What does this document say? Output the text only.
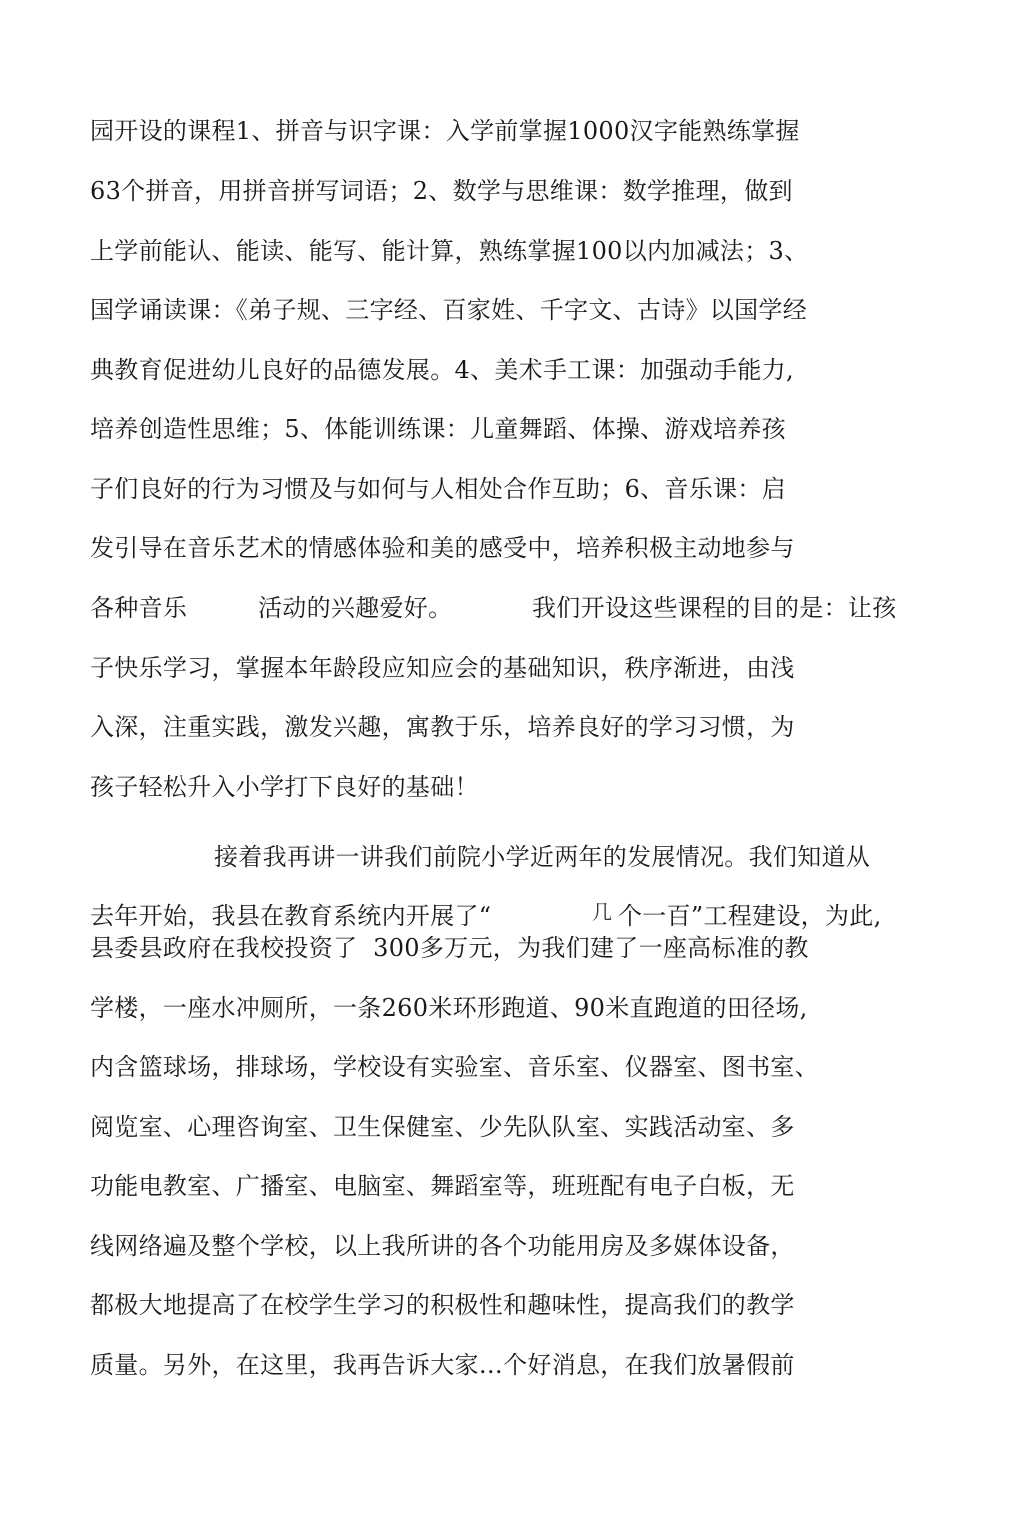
园开设的课程1、拼音与识字课：入学前掌握1000汉字能熟练掌握
63个拼音，用拼音拼写词语；2、数学与思维课：数学推理，做到
上学前能认、能读、能写、能计算，熟练掌握100以内加减法；3、
国学诵读课：《弟子规、三字经、百家姓、千字文、古诗》以国学经
典教育促进幼儿良好的品德发展。4、美术手工课：加强动手能力,
培养创造性思维；5、体能训练课：儿童舞蹈、体操、游戏培养孩
子们良好的行为习惯及与如何与人相处合作互助；6、音乐课：启
发引导在音乐艺术的情感体验和美的感受中，培养积极主动地参与
各种音乐	活动的兴趣爱好。	我们开设这些课程的目的是：让孩
子快乐学习，掌握本年龄段应知应会的基础知识，秩序渐进，由浅
入深，注重实践，激发兴趣，寓教于乐，培养良好的学习习惯，为
孩子轻松升入小学打下良好的基础！
接着我再讲一讲我们前院小学近两年的发展情况。我们知道从
去年开始，我县在教育系统内开展了“	几 个一百”工程建设，为此,
县委县政府在我校投资了  300多万元，为我们建了一座高标准的教
学楼，一座水冲厕所，一条260米环形跑道、90米直跑道的田径场,
内含篮球场，排球场，学校设有实验室、音乐室、仪器室、图书室、
阅览室、心理咨询室、卫生保健室、少先队队室、实践活动室、多
功能电教室、广播室、电脑室、舞蹈室等，班班配有电子白板，无
线网络遍及整个学校，以上我所讲的各个功能用房及多媒体设备，
都极大地提高了在校学生学习的积极性和趣味性，提高我们的教学
质量。另外，在这里，我再告诉大家…个好消息，在我们放暑假前
